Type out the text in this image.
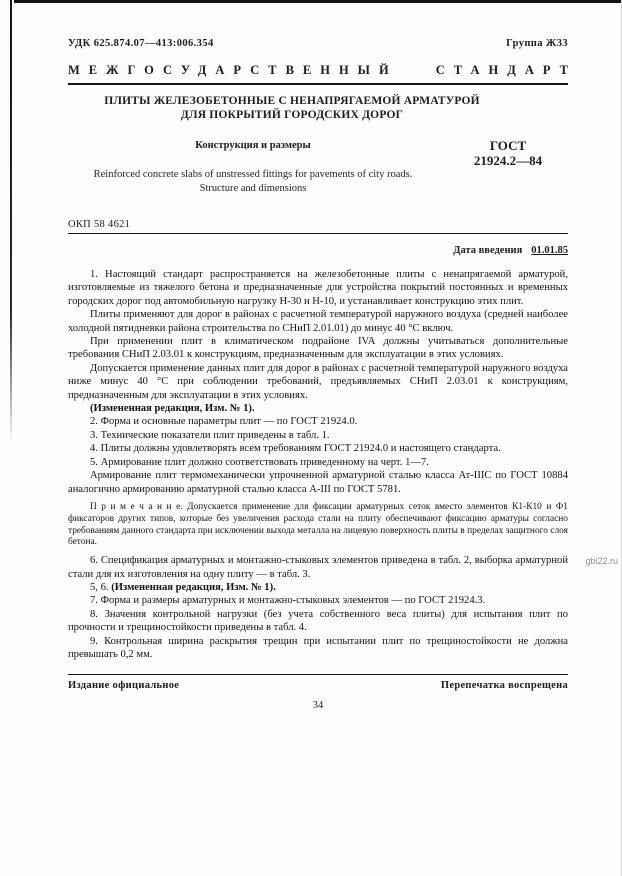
gbi22.ru
УДК 625.874.07—413:006.354	Группа Ж33
МЕЖГОСУДАРСТВЕННЫЙ	СТАНДАРТ
ПЛИТЫ ЖЕЛЕЗОБЕТОННЫЕ С НЕНАПРЯГАЕМОЙ АРМАТУРОЙ
ДЛЯ ПОКРЫТИЙ ГОРОДСКИХ ДОРОГ
Конструкция и размеры
Reinforced concrete slabs of unstressed fittings for pavements of city roads.
Structure and dimensions
ГОСТ
21924.2—84
ОКП 58 4621
Дата введения 01.01.85

1. Настоящий стандарт распространяется на железобетонные плиты с ненапрягаемой арматурой, изготовляемые из тяжелого бетона и предназначенные для устройства покрытий постоянных и временных городских дорог под автомобильную нагрузку Н-30 и Н-10, и устанавливает конструкцию этих плит.

Плиты применяют для дорог в районах с расчетной температурой наружного воздуха (средней наиболее холодной пятидневки района строительства по СНиП 2.01.01) до минус 40 °С включ.

При применении плит в климатическом подрайоне IVA должны учитываться дополнительные требования СНиП 2.03.01 к конструкциям, предназначенным для эксплуатации в этих условиях.

Допускается применение данных плит для дорог в районах с расчетной температурой наружного воздуха ниже минус 40 °С при соблюдении требований, предъявляемых СНиП 2.03.01 к конструкциям, предназначенным для эксплуатации в этих условиях.

(Измененная редакция, Изм. № 1).

2. Форма и основные параметры плит — по ГОСТ 21924.0.

3. Технические показатели плит приведены в табл. 1.

4. Плиты должны удовлетворять всем требованиям ГОСТ 21924.0 и настоящего стандарта.

5. Армирование плит должно соответствовать приведенному на черт. 1—7.

Армирование плит термомеханически упрочненной арматурной сталью класса Ат-IIIС по ГОСТ 10884 аналогично армированию арматурной сталью класса А-III по ГОСТ 5781.

П р и м е ч а н и е. Допускается применение для фиксации арматурных сеток вместо элементов К1-К10 и Ф1 фиксаторов других типов, которые без увеличения расхода стали на плиту обеспечивают фиксацию арматуры согласно требованиям данного стандарта при исключении выхода металла на лицевую поверхность плиты в пределах защитного слоя бетона.

6. Спецификация арматурных и монтажно-стыковых элементов приведена в табл. 2, выборка арматурной стали для их изготовления на одну плиту — в табл. 3.

5, 6. (Измененная редакция, Изм. № 1).

7. Форма и размеры арматурных и монтажно-стыковых элементов — по ГОСТ 21924.3.

8. Значения контрольной нагрузки (без учета собственного веса плиты) для испытания плит по прочности и трещиностойкости приведены в табл. 4.

9. Контрольная ширина раскрытия трещин при испытании плит по трещиностойкости не должна превышать 0,2 мм.

Издание официальное	Перепечатка воспрещена
34
